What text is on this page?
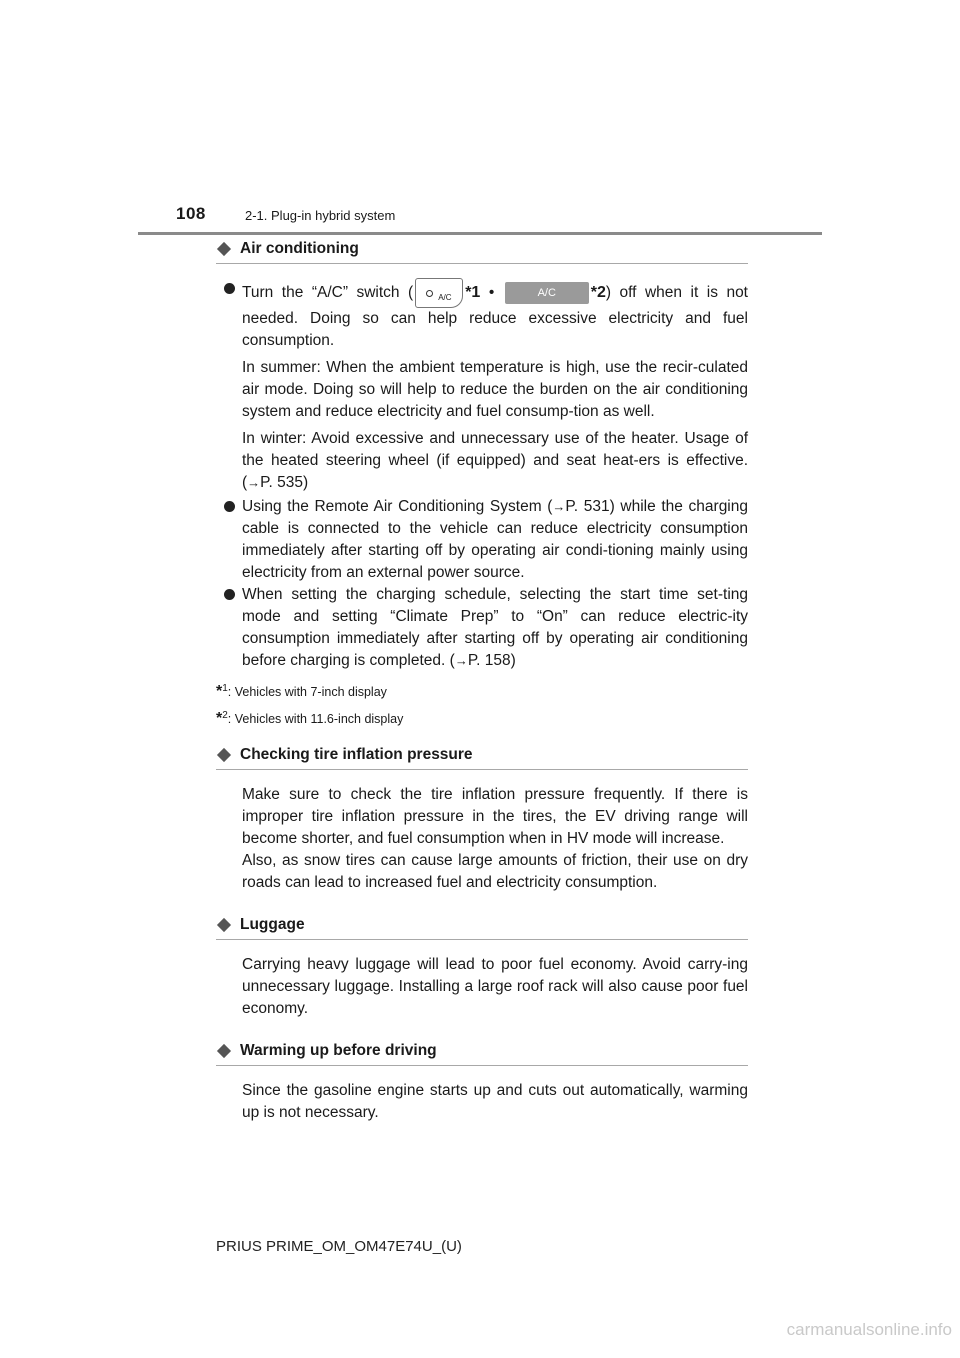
108	2-1. Plug-in hybrid system
Air conditioning
Turn the “A/C” switch (	A/C *1 •	A/C *2) off when it is not needed. Doing so can help reduce excessive electricity and fuel consumption.
In summer: When the ambient temperature is high, use the recir-culated air mode. Doing so will help to reduce the burden on the air conditioning system and reduce electricity and fuel consump-tion as well.
In winter: Avoid excessive and unnecessary use of the heater. Usage of the heated steering wheel (if equipped) and seat heat-ers is effective. (→P. 535)
Using the Remote Air Conditioning System (→P. 531) while the charging cable is connected to the vehicle can reduce electricity consumption immediately after starting off by operating air condi-tioning mainly using electricity from an external power source.
When setting the charging schedule, selecting the start time set-ting mode and setting “Climate Prep” to “On” can reduce electric-ity consumption immediately after starting off by operating air conditioning before charging is completed. (→P. 158)
*$^1$: Vehicles with 7-inch display
*$^2$: Vehicles with 11.6-inch display
Checking tire inflation pressure
Make sure to check the tire inflation pressure frequently. If there is improper tire inflation pressure in the tires, the EV driving range will become shorter, and fuel consumption when in HV mode will increase.
Also, as snow tires can cause large amounts of friction, their use on dry roads can lead to increased fuel and electricity consumption.
Luggage
Carrying heavy luggage will lead to poor fuel economy. Avoid carry-ing unnecessary luggage. Installing a large roof rack will also cause poor fuel economy.
Warming up before driving
Since the gasoline engine starts up and cuts out automatically, warming up is not necessary.
PRIUS PRIME_OM_OM47E74U_(U)
carmanualsonline.info
